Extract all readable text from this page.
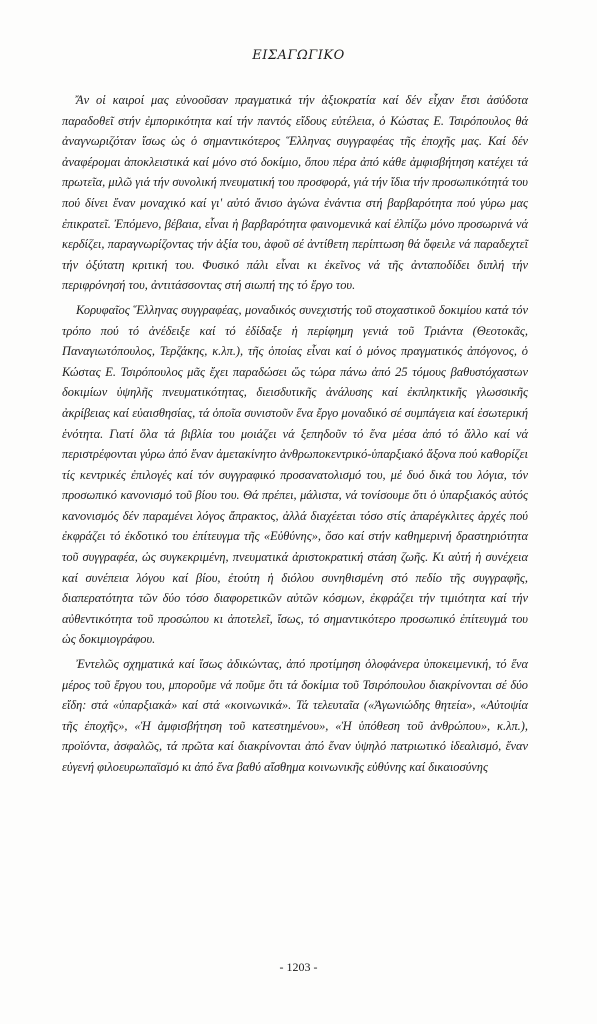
ΕΙΣΑΓΩΓΙΚΟ

Ἄν οἱ καιροί μας εὐνοοῦσαν πραγματικά τήν ἀξιοκρατία καί δέν εἶχαν ἔτσι ἀσύδοτα παραδοθεῖ στήν ἐμπορικότητα καί τήν παντός εἴδους εὐτέλεια, ὁ Κώστας Ε. Τσιρόπουλος θά ἀναγνωριζόταν ἴσως ὡς ὁ σημαντικότερος Ἕλληνας συγγραφέας τῆς ἐποχῆς μας. Καί δέν ἀναφέρομαι ἀποκλειστικά καί μόνο στό δοκίμιο, ὅπου πέρα ἀπό κάθε ἀμφισβήτηση κατέχει τά πρωτεῖα, μιλῶ γιά τήν συνολική πνευματική του προσφορά, γιά τήν ἴδια τήν προσωπικότητά του πού δίνει ἕναν μοναχικό καί γι' αὐτό ἄνισο ἀγώνα ἐνάντια στή βαρβαρότητα πού γύρω μας ἐπικρατεῖ. Ἐπόμενο, βέβαια, εἶναι ἡ βαρβαρότητα φαινομενικά καί ἐλπίζω μόνο προσωρινά νά κερδίζει, παραγνωρίζοντας τήν ἀξία του, ἀφοῦ σέ ἀντίθετη περίπτωση θά ὄφειλε νά παραδεχτεῖ τήν ὀξύτατη κριτική του. Φυσικό πάλι εἶναι κι ἐκεῖνος νά τῆς ἀνταποδίδει διπλή τήν περιφρόνησή του, ἀντιτάσσοντας στή σιωπή της τό ἔργο του.

Κορυφαῖος Ἕλληνας συγγραφέας, μοναδικός συνεχιστής τοῦ στοχαστικοῦ δοκιμίου κατά τόν τρόπο πού τό ἀνέδειξε καί τό ἐδίδαξε ἡ περίφημη γενιά τοῦ Τριάντα (Θεοτοκᾶς, Παναγιωτόπουλος, Τερζάκης, κ.λπ.), τῆς ὁποίας εἶναι καί ὁ μόνος πραγματικός ἀπόγονος, ὁ Κώστας Ε. Τσιρόπουλος μᾶς ἔχει παραδώσει ὥς τώρα πάνω ἀπό 25 τόμους βαθυστόχαστων δοκιμίων ὑψηλῆς πνευματικότητας, διεισδυτικῆς ἀνάλυσης καί ἐκπληκτικῆς γλωσσικῆς ἀκρίβειας καί εὐαισθησίας, τά ὁποῖα συνιστοῦν ἕνα ἔργο μοναδικό σέ συμπάγεια καί ἐσωτερική ἑνότητα. Γιατί ὅλα τά βιβλία του μοιάζει νά ξεπηδοῦν τό ἕνα μέσα ἀπό τό ἄλλο καί νά περιστρέφονται γύρω ἀπό ἕναν ἀμετακίνητο ἀνθρωποκεντρικό-ὑπαρξιακό ἄξονα πού καθορίζει τίς κεντρικές ἐπιλογές καί τόν συγγραφικό προσανατολισμό του, μέ δυό δικά του λόγια, τόν προσωπικό κανονισμό τοῦ βίου του. Θά πρέπει, μάλιστα, νά τονίσουμε ὅτι ὁ ὑπαρξιακός αὐτός κανονισμός δέν παραμένει λόγος ἄπρακτος, ἀλλά διαχέεται τόσο στίς ἀπαρέγκλιτες ἀρχές πού ἐκφράζει τό ἐκδοτικό του ἐπίτευγμα τῆς «Εὐθύνης», ὅσο καί στήν καθημερινή δραστηριότητα τοῦ συγγραφέα, ὡς συγκεκριμένη, πνευματικά ἀριστοκρατική στάση ζωῆς. Κι αὐτή ἡ συνέχεια καί συνέπεια λόγου καί βίου, ἐτούτη ἡ διόλου συνηθισμένη στό πεδίο τῆς συγγραφῆς, διαπερατότητα τῶν δύο τόσο διαφορετικῶν αὐτῶν κόσμων, ἐκφράζει τήν τιμιότητα καί τήν αὐθεντικότητα τοῦ προσώπου κι ἀποτελεῖ, ἴσως, τό σημαντικότερο προσωπικό ἐπίτευγμά του ὡς δοκιμιογράφου.

Ἐντελῶς σχηματικά καί ἴσως ἀδικώντας, ἀπό προτίμηση ὁλοφάνερα ὑποκειμενική, τό ἕνα μέρος τοῦ ἔργου του, μποροῦμε νά ποῦμε ὅτι τά δοκίμια τοῦ Τσιρόπουλου διακρίνονται σέ δύο εἴδη: στά «ὑπαρξιακά» καί στά «κοινωνικά». Τά τελευταῖα («Ἀγωνιώδης θητεία», «Αὐτοψία τῆς ἐποχῆς», «Ἡ ἀμφισβήτηση τοῦ κατεστημένου», «Ἡ ὑπόθεση τοῦ ἀνθρώπου», κ.λπ.), προϊόντα, ἀσφαλῶς, τά πρῶτα καί διακρίνονται ἀπό ἕναν ὑψηλό πατριωτικό ἰδεαλισμό, ἕναν εὐγενή φιλοευρωπαϊσμό κι ἀπό ἕνα βαθύ αἴσθημα κοινωνικῆς εὐθύνης καί δικαιοσύνης

- 1203 -
